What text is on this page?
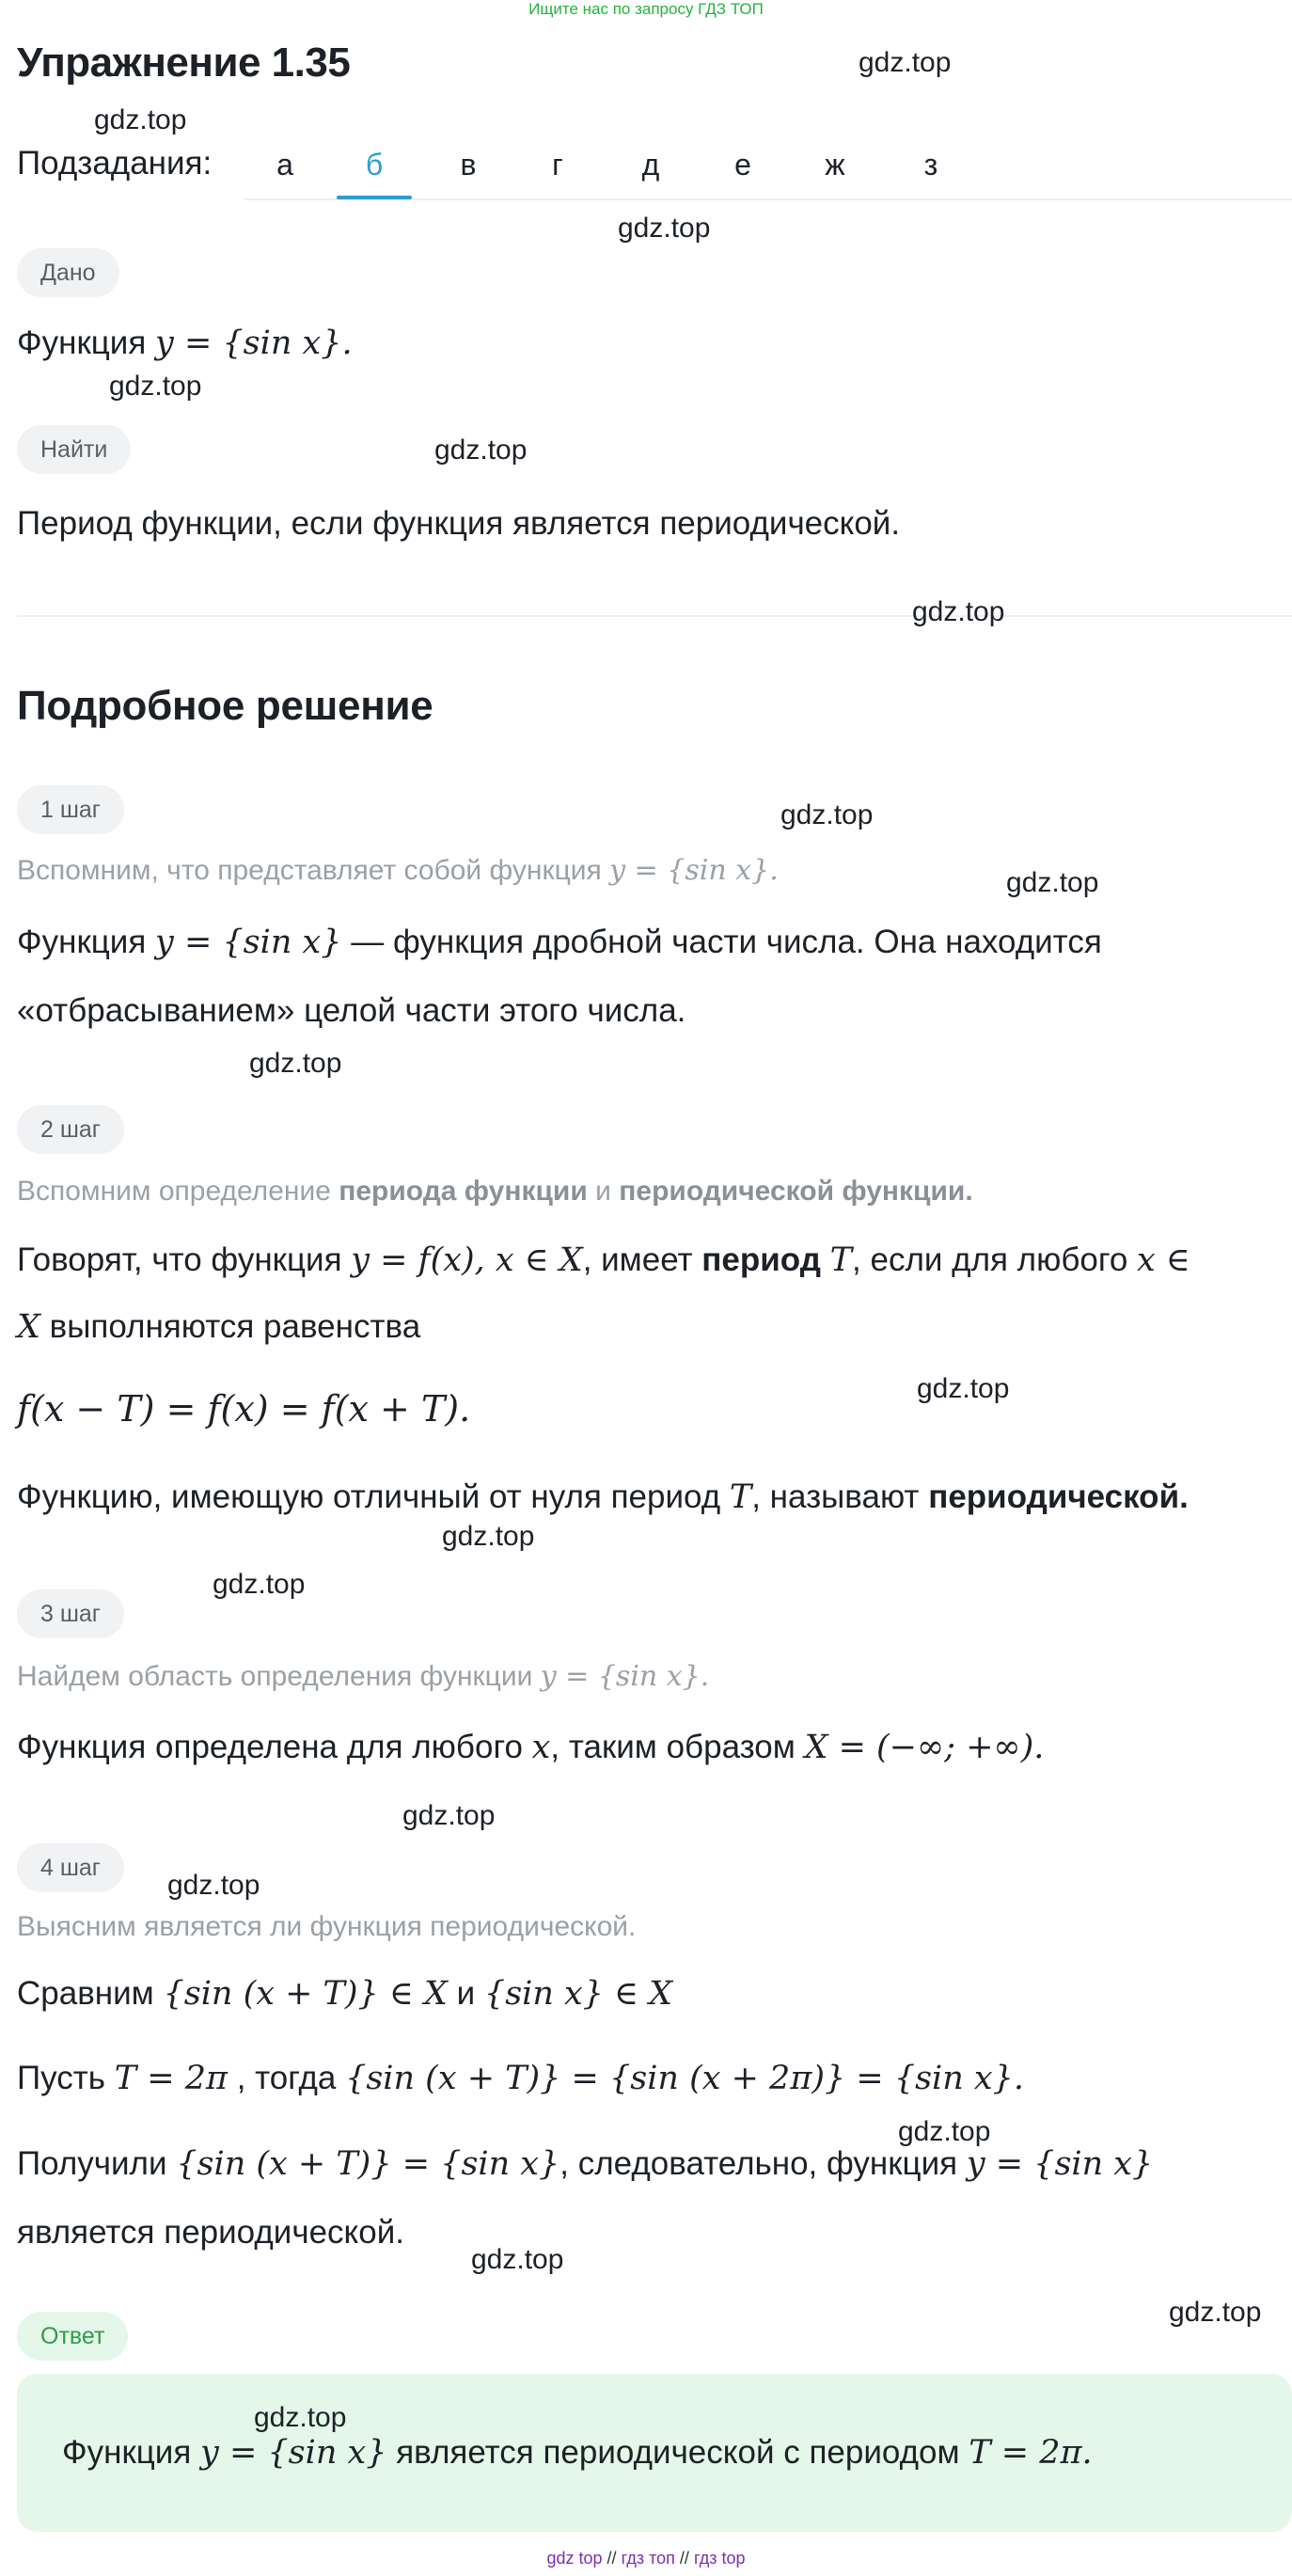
Ищите нас по запросу ГДЗ ТОП
Упражнение 1.35
Подзадания:	а	б	в	г	д	е	ж	з
Дано
Функция y = {sin x}.
Найти
Период функции, если функция является периодической.
Подробное решение
1 шаг
Вспомним, что представляет собой функция y = {sin x}.
Функция y = {sin x} — функция дробной части числа. Она находится
«отбрасыванием» целой части этого числа.
2 шаг
Вспомним определение периода функции и периодической функции.
Говорят, что функция y = f(x), x ∈ X, имеет период T, если для любого x ∈
X выполняются равенства
f(x − T) = f(x) = f(x + T).
Функцию, имеющую отличный от нуля период T, называют периодической.
3 шаг
Найдем область определения функции y = {sin x}.
Функция определена для любого x, таким образом X = (−∞; +∞).
4 шаг
Выясним является ли функция периодической.
Сравним {sin (x + T)} ∈ X и {sin x} ∈ X
Пусть T = 2π , тогда {sin (x + T)} = {sin (x + 2π)} = {sin x}.
Получили {sin (x + T)} = {sin x}, следовательно, функция y = {sin x}
является периодической.
Ответ
Функция y = {sin x} является периодической с периодом T = 2π.
gdz.top
gdz.top
gdz.top
gdz.top
gdz.top
gdz.top
gdz.top
gdz.top
gdz.top
gdz.top
gdz.top
gdz.top
gdz.top
gdz.top
gdz.top
gdz.top
gdz.top
gdz.top
gdz top // гдз топ // гдз top
